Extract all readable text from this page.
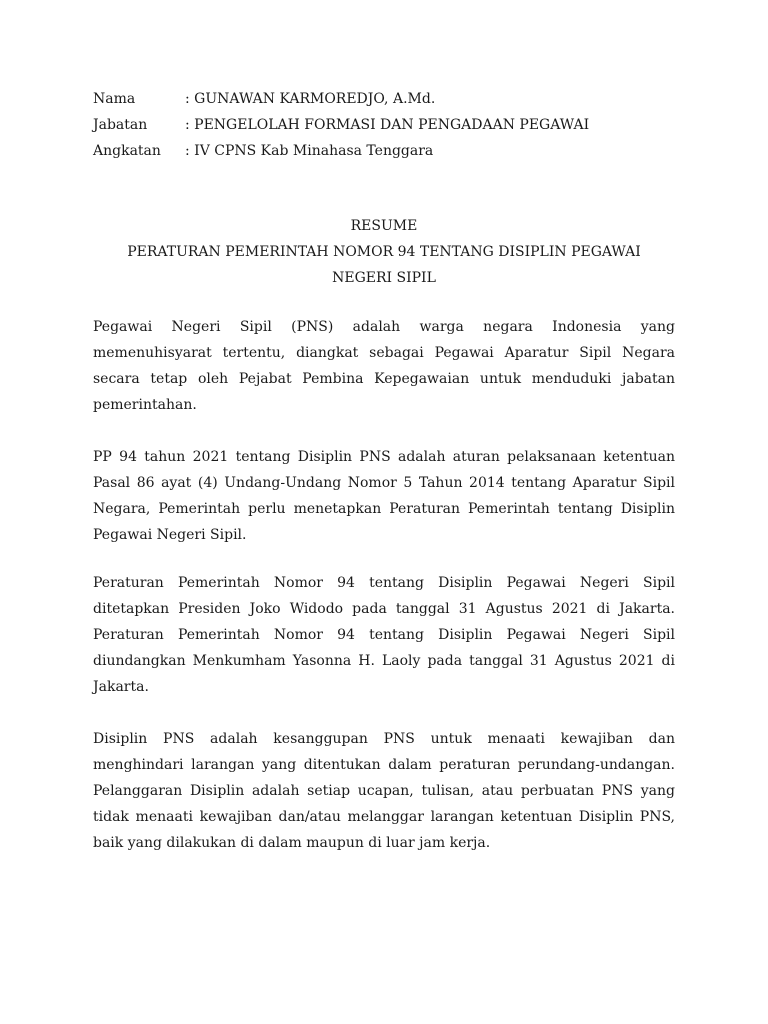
Nama	: GUNAWAN KARMOREDJO, A.Md.
Jabatan	: PENGELOLAH FORMASI DAN PENGADAAN PEGAWAI
Angkatan	: IV CPNS Kab Minahasa Tenggara
RESUME
PERATURAN PEMERINTAH NOMOR 94 TENTANG DISIPLIN PEGAWAI
NEGERI SIPIL

Pegawai Negeri Sipil (PNS) adalah warga negara Indonesia yang memenuhisyarat tertentu, diangkat sebagai Pegawai Aparatur Sipil Negara secara tetap oleh Pejabat Pembina Kepegawaian untuk menduduki jabatan pemerintahan.

PP 94 tahun 2021 tentang Disiplin PNS adalah aturan pelaksanaan ketentuan Pasal 86 ayat (4) Undang-Undang Nomor 5 Tahun 2014 tentang Aparatur Sipil Negara, Pemerintah perlu menetapkan Peraturan Pemerintah tentang Disiplin Pegawai Negeri Sipil.

Peraturan Pemerintah Nomor 94 tentang Disiplin Pegawai Negeri Sipil ditetapkan Presiden Joko Widodo pada tanggal 31 Agustus 2021 di Jakarta. Peraturan Pemerintah Nomor 94 tentang Disiplin Pegawai Negeri Sipil diundangkan Menkumham Yasonna H. Laoly pada tanggal 31 Agustus 2021 di Jakarta.

Disiplin PNS adalah kesanggupan PNS untuk menaati kewajiban dan menghindari larangan yang ditentukan dalam peraturan perundang-undangan. Pelanggaran Disiplin adalah setiap ucapan, tulisan, atau perbuatan PNS yang tidak menaati kewajiban dan/atau melanggar larangan ketentuan Disiplin PNS, baik yang dilakukan di dalam maupun di luar jam kerja.
